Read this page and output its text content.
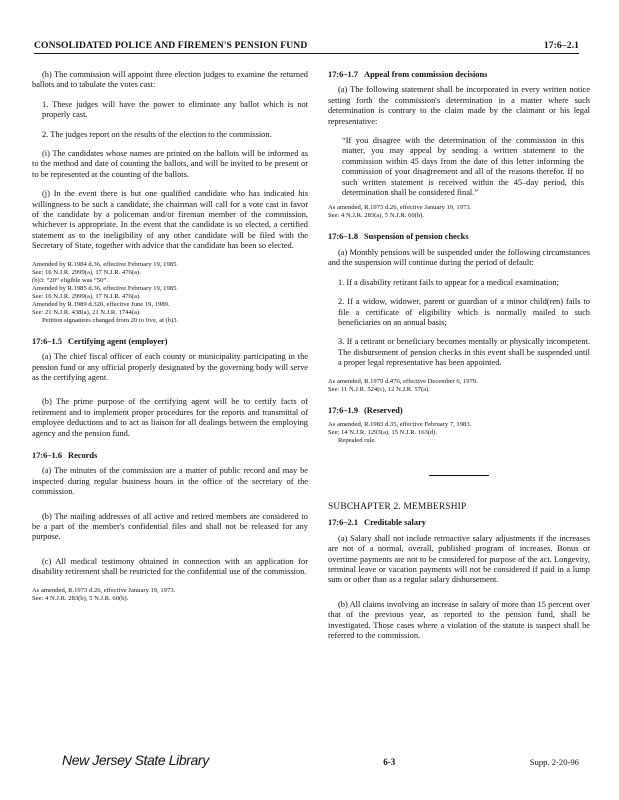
CONSOLIDATED POLICE AND FIREMEN'S PENSION FUND	17:6–2.1

(h) The commission will appoint three election judges to examine the returned ballots and to tabulate the votes cast:

1. These judges will have the power to eliminate any ballot which is not properly cast.

2. The judges report on the results of the election to the commission.

(i) The candidates whose names are printed on the ballots will be informed as to the method and date of counting the ballots, and will be invited to be present or to be represented at the counting of the ballots.

(j) In the event there is but one qualified candidate who has indicated his willingness to be such a candidate, the chairman will call for a vote cast in favor of the candidate by a policeman and/or fireman member of the commission, whichever is appropriate. In the event that the candidate is so elected, a certified statement as to the ineligibility of any other candidate will be filed with the Secretary of State, together with advice that the candidate has been so elected.

Amended by R.1984 d.36, effective February 19, 1985.
See: 16 N.J.R. 2999(a), 17 N.J.R. 476(a).
(b)3: “20” eligible was “50”.
Amended by R.1985 d.36, effective February 19, 1985.
See: 16 N.J.R. 2999(a), 17 N.J.R. 476(a).
Amended by R.1989 d.320, effective June 19, 1989.
See: 21 N.J.R. 438(a), 21 N.J.R. 1744(a).
Petition signatures changed from 20 to five, at (b)3.
17:6–1.5 Certifying agent (employer)

(a) The chief fiscal officer of each county or municipality participating in the pension fund or any official properly designated by the governing body will serve as the certifying agent.

(b) The prime purpose of the certifying agent will be to certify facts of retirement and to implement proper procedures for the reports and transmittal of employee deductions and to act as liaison for all dealings between the employing agency and the pension fund.

17:6–1.6 Records

(a) The minutes of the commission are a matter of public record and may be inspected during regular business hours in the office of the secretary of the commission.

(b) The mailing addresses of all active and retired members are considered to be a part of the member's confidential files and shall not be released for any purpose.

(c) All medical testimony obtained in connection with an application for disability retirement shall be restricted for the confidential use of the commission.

As amended, R.1973 d.26, effective January 19, 1973.
See: 4 N.J.R. 283(b), 5 N.J.R. 60(b).
17:6–1.7 Appeal from commission decisions

(a) The following statement shall be incorporated in every written notice setting forth the commission's determination in a matter where such determination is contrary to the claim made by the claimant or his legal representative:

“If you disagree with the determination of the commission in this matter, you may appeal by sending a written statement to the commission within 45 days from the date of this letter informing the commission of your disagreement and all of the reasons therefor. If no such written statement is received within the 45–day period, this determination shall be considered final.”

As amended, R.1973 d.26, effective January 19, 1973.
See: 4 N.J.R. 283(a), 5 N.J.R. 60(b).
17:6–1.8 Suspension of pension checks

(a) Monthly pensions will be suspended under the following circumstances and the suspension will continue during the period of default:

1. If a disability retirant fails to appear for a medical examination;

2. If a widow, widower, parent or guardian of a minor child(ren) fails to file a certificate of eligibility which is normally mailed to such beneficiaries on an annual basis;

3. If a retirant or beneficiary becomes mentally or physically incompetent. The disbursement of pension checks in this event shall be suspended until a proper legal representative has been appointed.

As amended, R.1979 d.476, effective December 6, 1979.
See: 11 N.J.R. 524(c), 12 N.J.R. 57(a).
17:6–1.9 (Reserved)
As amended, R.1983 d.35, effective February 7, 1983.
See: 14 N.J.R. 1293(a), 15 N.J.R. 163(d).
Repealed rule.
SUBCHAPTER 2. MEMBERSHIP
17:6–2.1 Creditable salary

(a) Salary shall not include retroactive salary adjustments if the increases are not of a normal, overall, published program of increases. Bonus or overtime payments are not to be considered for purpose of the act. Longevity, terminal leave or vacation payments will not be considered if paid in a lump sum or other than as a regular salary disbursement.

(b) All claims involving an increase in salary of more than 15 percent over that of the previous year, as reported to the pension fund, shall be investigated. Those cases where a violation of the statute is suspect shall be referred to the commission.

New Jersey State Library	6-3	Supp. 2-20-96
